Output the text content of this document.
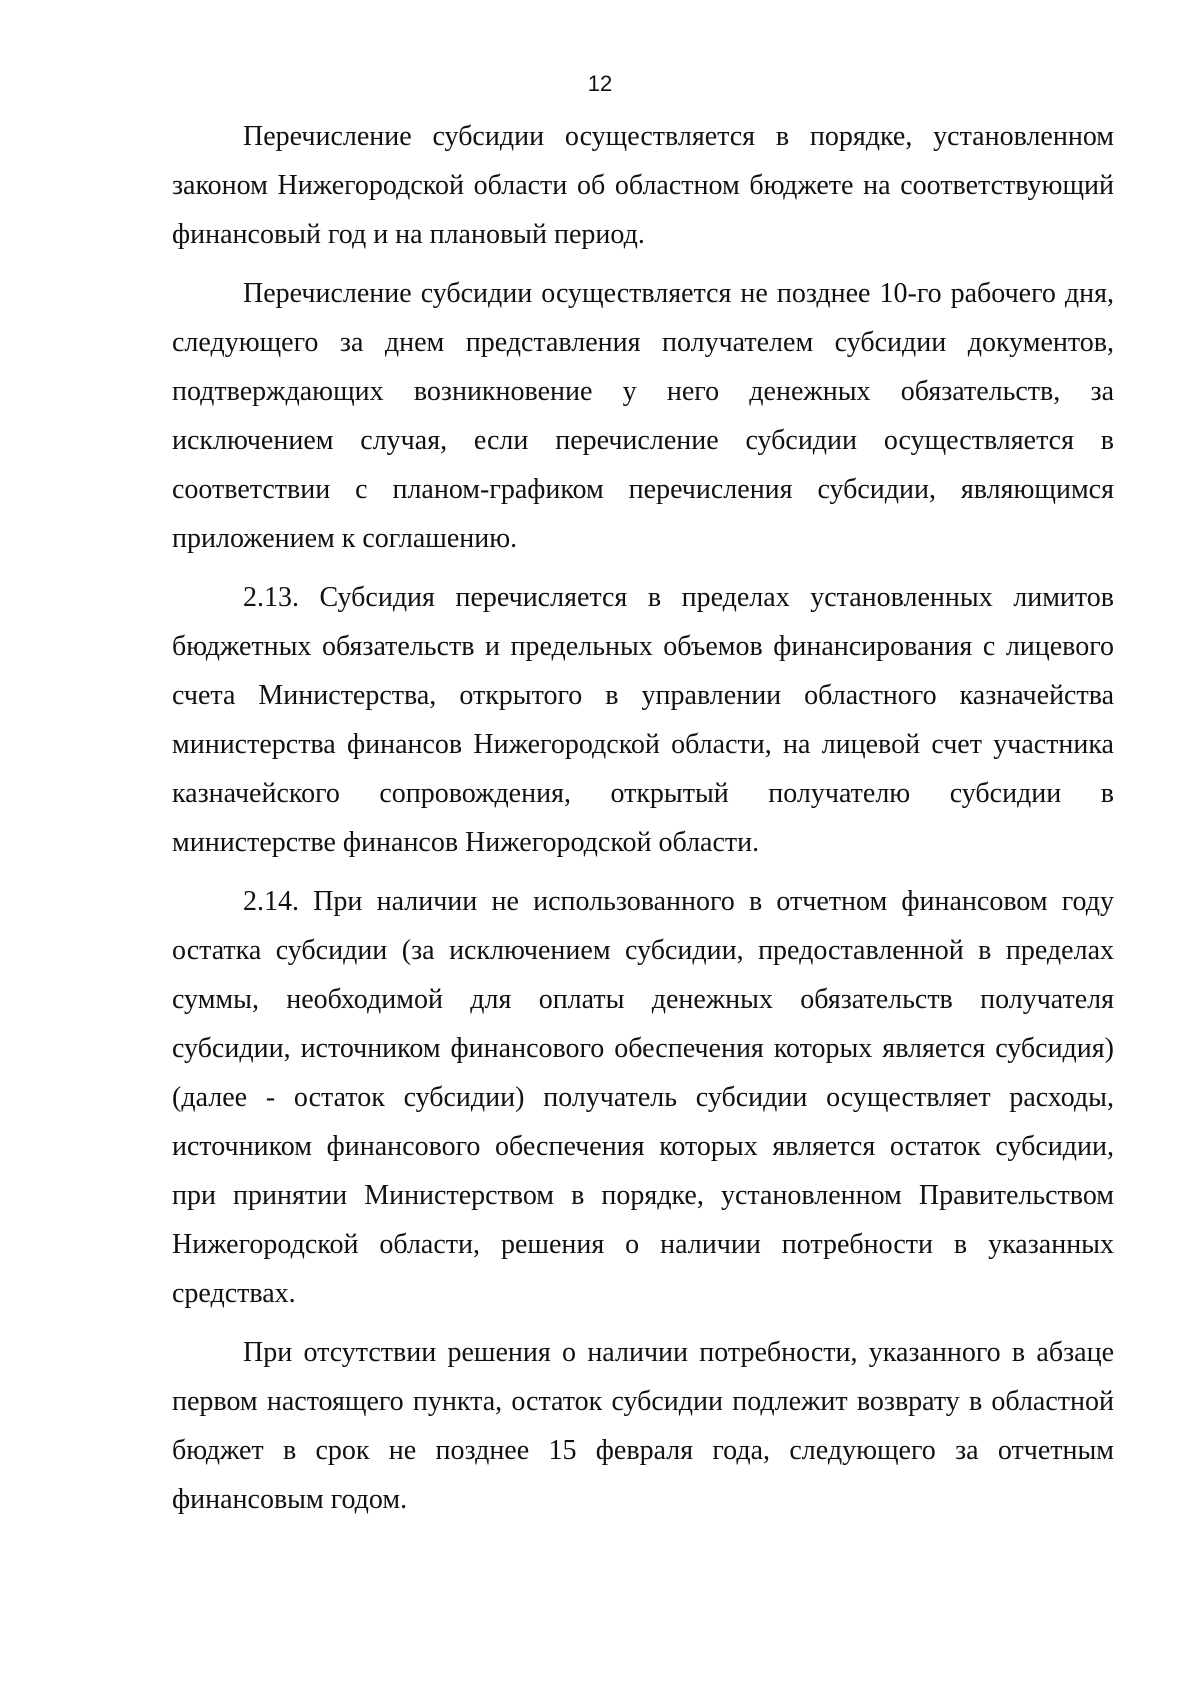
12

Перечисление субсидии осуществляется в порядке, установленном законом Нижегородской области об областном бюджете на соответствующий финансовый год и на плановый период.

Перечисление субсидии осуществляется не позднее 10-го рабочего дня, следующего за днем представления получателем субсидии документов, подтверждающих возникновение у него денежных обязательств, за исключением случая, если перечисление субсидии осуществляется в соответствии с планом-графиком перечисления субсидии, являющимся приложением к соглашению.

2.13. Субсидия перечисляется в пределах установленных лимитов бюджетных обязательств и предельных объемов финансирования с лицевого счета Министерства, открытого в управлении областного казначейства министерства финансов Нижегородской области, на лицевой счет участника казначейского сопровождения, открытый получателю субсидии в министерстве финансов Нижегородской области.

2.14. При наличии не использованного в отчетном финансовом году остатка субсидии (за исключением субсидии, предоставленной в пределах суммы, необходимой для оплаты денежных обязательств получателя субсидии, источником финансового обеспечения которых является субсидия) (далее - остаток субсидии) получатель субсидии осуществляет расходы, источником финансового обеспечения которых является остаток субсидии, при принятии Министерством в порядке, установленном Правительством Нижегородской области, решения о наличии потребности в указанных средствах.

При отсутствии решения о наличии потребности, указанного в абзаце первом настоящего пункта, остаток субсидии подлежит возврату в областной бюджет в срок не позднее 15 февраля года, следующего за отчетным финансовым годом.
